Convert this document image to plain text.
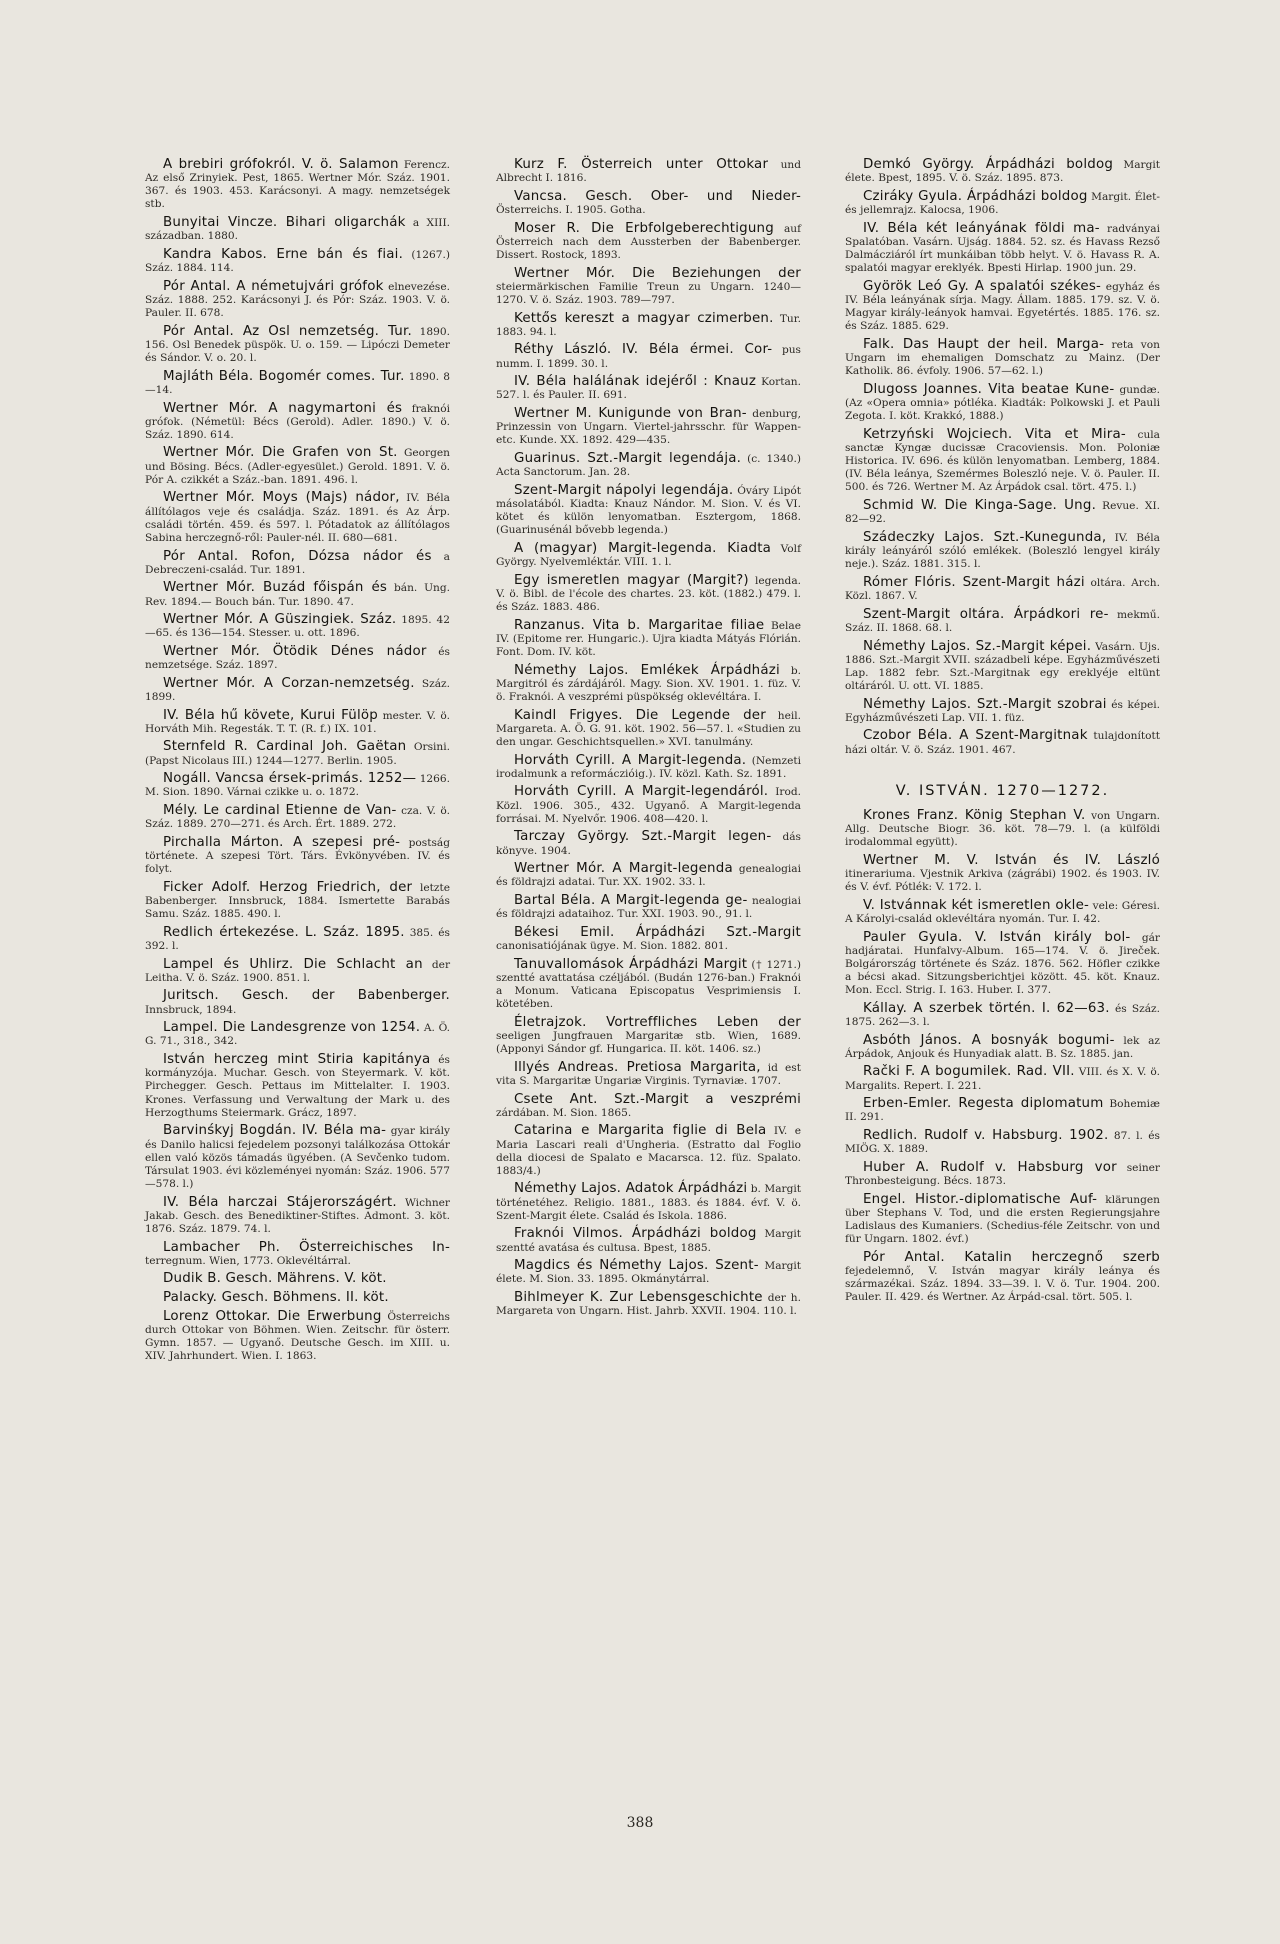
A brebiri grófokról. V. ö. Salamon Ferencz. Az első Zrinyiek. Pest, 1865. Wertner Mór. Száz. 1901. 367. és 1903. 453. Karácsonyi. A magy. nemzetségek stb.

Bunyitai Vincze. Bihari oligarchák a XIII. században. 1880.

Kandra Kabos. Erne bán és fiai. (1267.) Száz. 1884. 114.

Pór Antal. A németujvári grófok elnevezése. Száz. 1888. 252. Karácsonyi J. és Pór: Száz. 1903. V. ö. Pauler. II. 678.

Pór Antal. Az Osl nemzetség. Tur. 1890. 156. Osl Benedek püspök. U. o. 159. — Lipóczi Demeter és Sándor. V. o. 20. l.

Majláth Béla. Bogomér comes. Tur. 1890. 8—14.

Wertner Mór. A nagymartoni és fraknói grófok. (Németül: Bécs (Gerold). Adler. 1890.) V. ö. Száz. 1890. 614.

Wertner Mór. Die Grafen von St. Georgen und Bösing. Bécs. (Adler-egyesület.) Gerold. 1891. V. ö. Pór A. czikkét a Száz.-ban. 1891. 496. l.

Wertner Mór. Moys (Majs) nádor, IV. Béla állítólagos veje és családja. Száz. 1891. és Az Árp. családi történ. 459. és 597. l. Pótadatok az állítólagos Sabina herczegnő-ről: Pauler-nél. II. 680—681.

Pór Antal. Rofon, Dózsa nádor és a Debreczeni-család. Tur. 1891.

Wertner Mór. Buzád főispán és bán. Ung. Rev. 1894.— Bouch bán. Tur. 1890. 47.

Wertner Mór. A Güszingiek. Száz. 1895. 42—65. és 136—154. Stesser. u. ott. 1896.

Wertner Mór. Ötödik Dénes nádor és nemzetsége. Száz. 1897.

Wertner Mór. A Corzan-nemzetség. Száz. 1899.

IV. Béla hű követe, Kurui Fülöp mester. V. ö. Horváth Mih. Regesták. T. T. (R. f.) IX. 101.

Sternfeld R. Cardinal Joh. Gaëtan Orsini. (Papst Nicolaus III.) 1244—1277. Berlin. 1905.

Nogáll. Vancsa érsek-primás. 1252— 1266. M. Sion. 1890. Várnai czikke u. o. 1872.

Mély. Le cardinal Etienne de Van- cza. V. ö. Száz. 1889. 270—271. és Arch. Ért. 1889. 272.

Pirchalla Márton. A szepesi pré- postság története. A szepesi Tört. Társ. Évkönyvében. IV. és folyt.

Ficker Adolf. Herzog Friedrich, der letzte Babenberger. Innsbruck, 1884. Ismertette Barabás Samu. Száz. 1885. 490. l.

Redlich értekezése. L. Száz. 1895. 385. és 392. l.

Lampel és Uhlirz. Die Schlacht an der Leitha. V. ö. Száz. 1900. 851. l.

Juritsch. Gesch. der Babenberger. Innsbruck, 1894.

Lampel. Die Landesgrenze von 1254. A. Ö. G. 71., 318., 342.

István herczeg mint Stiria kapitánya és kormányzója. Muchar. Gesch. von Steyermark. V. köt. Pirchegger. Gesch. Pettaus im Mittelalter. I. 1903. Krones. Verfassung und Verwaltung der Mark u. des Herzogthums Steiermark. Grácz, 1897.

Barvinśkyj Bogdán. IV. Béla ma- gyar király és Danilo halicsi fejedelem pozsonyi találkozása Ottokár ellen való közös támadás ügyében. (A Sevčenko tudom. Társulat 1903. évi közleményei nyomán: Száz. 1906. 577—578. l.)

IV. Béla harczai Stájerországért. Wichner Jakab. Gesch. des Benediktiner-Stiftes. Admont. 3. köt. 1876. Száz. 1879. 74. l.

Lambacher Ph. Österreichisches In- terregnum. Wien, 1773. Oklevéltárral.

Dudik B. Gesch. Mährens. V. köt.

Palacky. Gesch. Böhmens. II. köt.

Lorenz Ottokar. Die Erwerbung Österreichs durch Ottokar von Böhmen. Wien. Zeitschr. für österr. Gymn. 1857. — Ugyanő. Deutsche Gesch. im XIII. u. XIV. Jahrhundert. Wien. I. 1863.

Kurz F. Österreich unter Ottokar und Albrecht I. 1816.

Vancsa. Gesch. Ober- und Nieder- Österreichs. I. 1905. Gotha.

Moser R. Die Erbfolgeberechtigung auf Österreich nach dem Aussterben der Babenberger. Dissert. Rostock, 1893.

Wertner Mór. Die Beziehungen der steiermärkischen Familie Treun zu Ungarn. 1240—1270. V. ö. Száz. 1903. 789—797.

Kettős kereszt a magyar czimerben. Tur. 1883. 94. l.

Réthy László. IV. Béla érmei. Cor- pus numm. I. 1899. 30. l.

IV. Béla halálának idejéről : Knauz Kortan. 527. l. és Pauler. II. 691.

Wertner M. Kunigunde von Bran- denburg, Prinzessin von Ungarn. Viertel-jahrsschr. für Wappen- etc. Kunde. XX. 1892. 429—435.

Guarinus. Szt.-Margit legendája. (c. 1340.) Acta Sanctorum. Jan. 28.

Szent-Margit nápolyi legendája. Óváry Lipót másolatából. Kiadta: Knauz Nándor. M. Sion. V. és VI. kötet és külön lenyomatban. Esztergom, 1868. (Guarinusénál bővebb legenda.)

A (magyar) Margit-legenda. Kiadta Volf György. Nyelvemléktár. VIII. 1. l.

Egy ismeretlen magyar (Margit?) legenda. V. ö. Bibl. de l'école des chartes. 23. köt. (1882.) 479. l. és Száz. 1883. 486.

Ranzanus. Vita b. Margaritae filiae Belae IV. (Epitome rer. Hungaric.). Ujra kiadta Mátyás Flórián. Font. Dom. IV. köt.

Némethy Lajos. Emlékek Árpádházi b. Margitról és zárdájáról. Magy. Sion. XV. 1901. 1. füz. V. ö. Fraknói. A veszprémi püspökség oklevéltára. I.

Kaindl Frigyes. Die Legende der heil. Margareta. A. Ö. G. 91. köt. 1902. 56—57. l. «Studien zu den ungar. Geschichtsquellen.» XVI. tanulmány.

Horváth Cyrill. A Margit-legenda. (Nemzeti irodalmunk a reformáczióig.). IV. közl. Kath. Sz. 1891.

Horváth Cyrill. A Margit-legendáról. Irod. Közl. 1906. 305., 432. Ugyanő. A Margit-legenda forrásai. M. Nyelvőr. 1906. 408—420. l.

Tarczay György. Szt.-Margit legen- dás könyve. 1904.

Wertner Mór. A Margit-legenda genealogiai és földrajzi adatai. Tur. XX. 1902. 33. l.

Bartal Béla. A Margit-legenda ge- nealogiai és földrajzi adataihoz. Tur. XXI. 1903. 90., 91. l.

Békesi Emil. Árpádházi Szt.-Margit canonisatiójának ügye. M. Sion. 1882. 801.

Tanuvallomások Árpádházi Margit († 1271.) szentté avattatása czéljából. (Budán 1276-ban.) Fraknói a Monum. Vaticana Episcopatus Vesprimiensis I. kötetében.

Életrajzok. Vortreffliches Leben der seeligen Jungfrauen Margaritæ stb. Wien, 1689. (Apponyi Sándor gf. Hungarica. II. köt. 1406. sz.)

Illyés Andreas. Pretiosa Margarita, id est vita S. Margaritæ Ungariæ Virginis. Tyrnaviæ. 1707.

Csete Ant. Szt.-Margit a veszprémi zárdában. M. Sion. 1865.

Catarina e Margarita figlie di Bela IV. e Maria Lascari reali d'Ungheria. (Estratto dal Foglio della diocesi de Spalato e Macarsca. 12. füz. Spalato. 1883/4.)

Némethy Lajos. Adatok Árpádházi b. Margit történetéhez. Religio. 1881., 1883. és 1884. évf. V. ö. Szent-Margit élete. Család és Iskola. 1886.

Fraknói Vilmos. Árpádházi boldog Margit szentté avatása és cultusa. Bpest, 1885.

Magdics és Némethy Lajos. Szent- Margit élete. M. Sion. 33. 1895. Okmánytárral.

Bihlmeyer K. Zur Lebensgeschichte der h. Margareta von Ungarn. Hist. Jahrb. XXVII. 1904. 110. l.

Demkó György. Árpádházi boldog Margit élete. Bpest, 1895. V. ö. Száz. 1895. 873.

Cziráky Gyula. Árpádházi boldog Margit. Élet- és jellemrajz. Kalocsa, 1906.

IV. Béla két leányának földi ma- radványai Spalatóban. Vasárn. Ujság. 1884. 52. sz. és Havass Rezső Dalmácziáról írt munkáiban több helyt. V. ö. Havass R. A. spalatói magyar ereklyék. Bpesti Hirlap. 1900 jun. 29.

Györök Leó Gy. A spalatói székes- egyház és IV. Béla leányának sírja. Magy. Állam. 1885. 179. sz. V. ö. Magyar király-leányok hamvai. Egyetértés. 1885. 176. sz. és Száz. 1885. 629.

Falk. Das Haupt der heil. Marga- reta von Ungarn im ehemaligen Domschatz zu Mainz. (Der Katholik. 86. évfoly. 1906. 57—62. l.)

Dlugoss Joannes. Vita beatae Kune- gundæ. (Az «Opera omnia» pótléka. Kiadták: Polkowski J. et Pauli Zegota. I. köt. Krakkó, 1888.)

Ketrzyński Wojciech. Vita et Mira- cula sanctæ Kyngæ ducissæ Cracoviensis. Mon. Poloniæ Historica. IV. 696. és külön lenyomatban. Lemberg, 1884. (IV. Béla leánya, Szemérmes Boleszló neje. V. ö. Pauler. II. 500. és 726. Wertner M. Az Árpádok csal. tört. 475. l.)

Schmid W. Die Kinga-Sage. Ung. Revue. XI. 82—92.

Szádeczky Lajos. Szt.-Kunegunda, IV. Béla király leányáról szóló emlékek. (Boleszló lengyel király neje.). Száz. 1881. 315. l.

Rómer Flóris. Szent-Margit házi oltára. Arch. Közl. 1867. V.

Szent-Margit oltára. Árpádkori re- mekmű. Száz. II. 1868. 68. l.

Némethy Lajos. Sz.-Margit képei. Vasárn. Ujs. 1886. Szt.-Margit XVII. századbeli képe. Egyházművészeti Lap. 1882 febr. Szt.-Margitnak egy ereklyéje eltünt oltáráról. U. ott. VI. 1885.

Némethy Lajos. Szt.-Margit szobrai és képei. Egyházművészeti Lap. VII. 1. füz.

Czobor Béla. A Szent-Margitnak tulajdonított házi oltár. V. ö. Száz. 1901. 467.

V. ISTVÁN. 1270—1272.

Krones Franz. König Stephan V. von Ungarn. Allg. Deutsche Biogr. 36. köt. 78—79. l. (a külföldi irodalommal együtt).

Wertner M. V. István és IV. László itinerariuma. Vjestnik Arkiva (zágrábi) 1902. és 1903. IV. és V. évf. Pótlék: V. 172. l.

V. Istvánnak két ismeretlen okle- vele: Géresi. A Károlyi-család oklevéltára nyomán. Tur. I. 42.

Pauler Gyula. V. István király bol- gár hadjáratai. Hunfalvy-Album. 165—174. V. ö. Jireček. Bolgárország története és Száz. 1876. 562. Höfler czikke a bécsi akad. Sitzungsberichtjei között. 45. köt. Knauz. Mon. Eccl. Strig. I. 163. Huber. I. 377.

Kállay. A szerbek történ. I. 62—63. és Száz. 1875. 262—3. l.

Asbóth János. A bosnyák bogumi- lek az Árpádok, Anjouk és Hunyadiak alatt. B. Sz. 1885. jan.

Rački F. A bogumilek. Rad. VII. VIII. és X. V. ö. Margalits. Repert. I. 221.

Erben-Emler. Regesta diplomatum Bohemiæ II. 291.

Redlich. Rudolf v. Habsburg. 1902. 87. l. és MIÖG. X. 1889.

Huber A. Rudolf v. Habsburg vor seiner Thronbesteigung. Bécs. 1873.

Engel. Histor.-diplomatische Auf- klärungen über Stephans V. Tod, und die ersten Regierungsjahre Ladislaus des Kumaniers. (Schedius-féle Zeitschr. von und für Ungarn. 1802. évf.)

Pór Antal. Katalin herczegnő szerb fejedelemnő, V. István magyar király leánya és származékai. Száz. 1894. 33—39. l. V. ö. Tur. 1904. 200. Pauler. II. 429. és Wertner. Az Árpád-csal. tört. 505. l.

388
